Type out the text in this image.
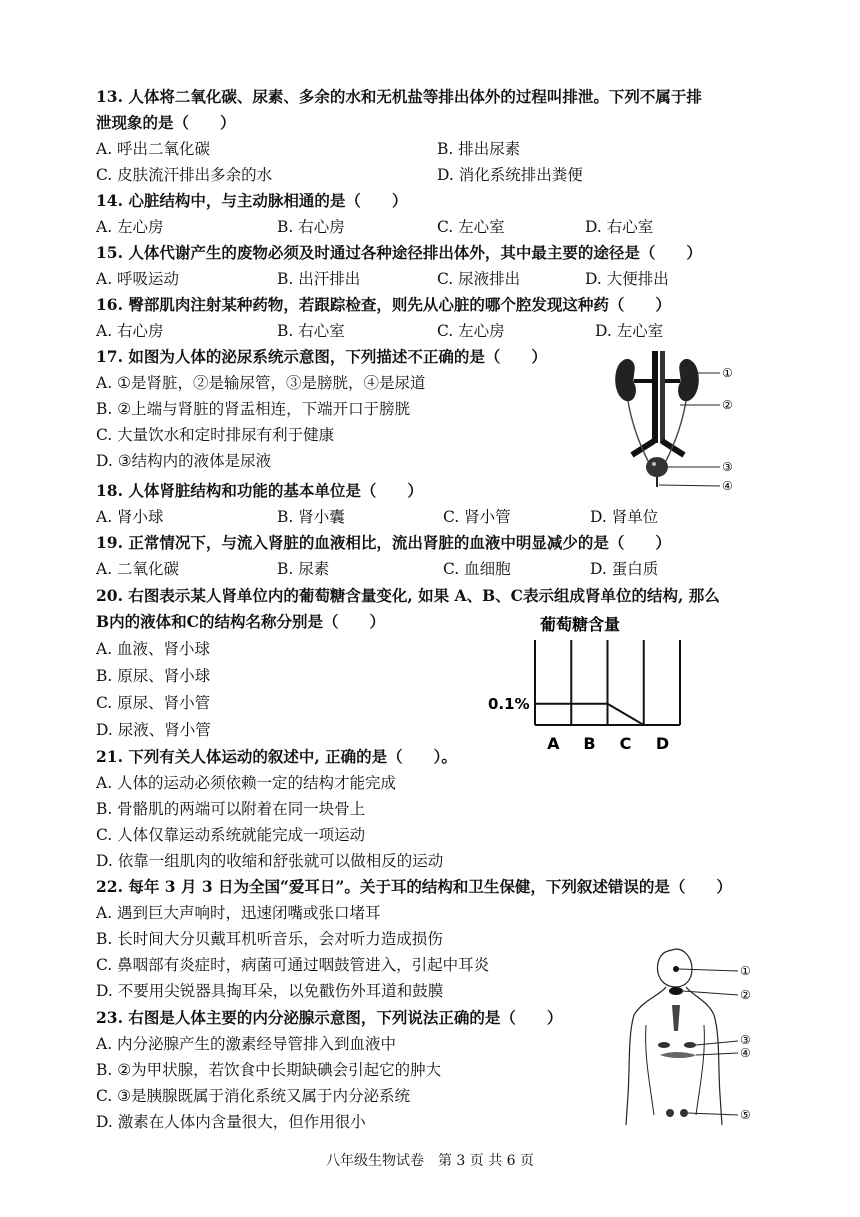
13. 人体将二氧化碳、尿素、多余的水和无机盐等排出体外的过程叫排泄。下列不属于排
泄现象的是（　　）
A. 呼出二氧化碳	B. 排出尿素
C. 皮肤流汗排出多余的水	D. 消化系统排出粪便
14. 心脏结构中，与主动脉相通的是（　　）
A. 左心房	B. 右心房	C. 左心室	D. 右心室
15. 人体代谢产生的废物必须及时通过各种途径排出体外，其中最主要的途径是（　　）
A. 呼吸运动	B. 出汗排出	C. 尿液排出	D. 大便排出
16. 臀部肌肉注射某种药物，若跟踪检查，则先从心脏的哪个腔发现这种药（　　）
A. 右心房	B. 右心室	C. 左心房	D. 左心室
17. 如图为人体的泌尿系统示意图，下列描述不正确的是（　　）
A. ①是肾脏，②是输尿管，③是膀胱，④是尿道
B. ②上端与肾脏的肾盂相连，下端开口于膀胱
C. 大量饮水和定时排尿有利于健康
D. ③结构内的液体是尿液
①
②
③
④
18. 人体肾脏结构和功能的基本单位是（　　）
A. 肾小球	B. 肾小囊	C. 肾小管	D. 肾单位
19. 正常情况下，与流入肾脏的血液相比，流出肾脏的血液中明显减少的是（　　）
A. 二氧化碳	B. 尿素	C. 血细胞	D. 蛋白质
20. 右图表示某人肾单位内的葡萄糖含量变化, 如果 A、B、C表示组成肾单位的结构, 那么
B内的液体和C的结构名称分别是（　　）
A. 血液、肾小球
B. 原尿、肾小球
C. 原尿、肾小管
D. 尿液、肾小管
葡萄糖含量
A B C D
0.1%
21. 下列有关人体运动的叙述中, 正确的是（　　）。
A. 人体的运动必须依赖一定的结构才能完成
B. 骨骼肌的两端可以附着在同一块骨上
C. 人体仅靠运动系统就能完成一项运动
D. 依靠一组肌肉的收缩和舒张就可以做相反的运动
22. 每年 3 月 3 日为全国“爱耳日”。关于耳的结构和卫生保健，下列叙述错误的是（　　）
A. 遇到巨大声响时，迅速闭嘴或张口堵耳
B. 长时间大分贝戴耳机听音乐，会对听力造成损伤
C. 鼻咽部有炎症时，病菌可通过咽鼓管进入，引起中耳炎
D. 不要用尖锐器具掏耳朵，以免戳伤外耳道和鼓膜
23. 右图是人体主要的内分泌腺示意图，下列说法正确的是（　　）
A. 内分泌腺产生的激素经导管排入到血液中
B. ②为甲状腺，若饮食中长期缺碘会引起它的肿大
C. ③是胰腺既属于消化系统又属于内分泌系统
D. 激素在人体内含量很大，但作用很小
①
②
③
④
⑤
八年级生物试卷　第 3 页 共 6 页
